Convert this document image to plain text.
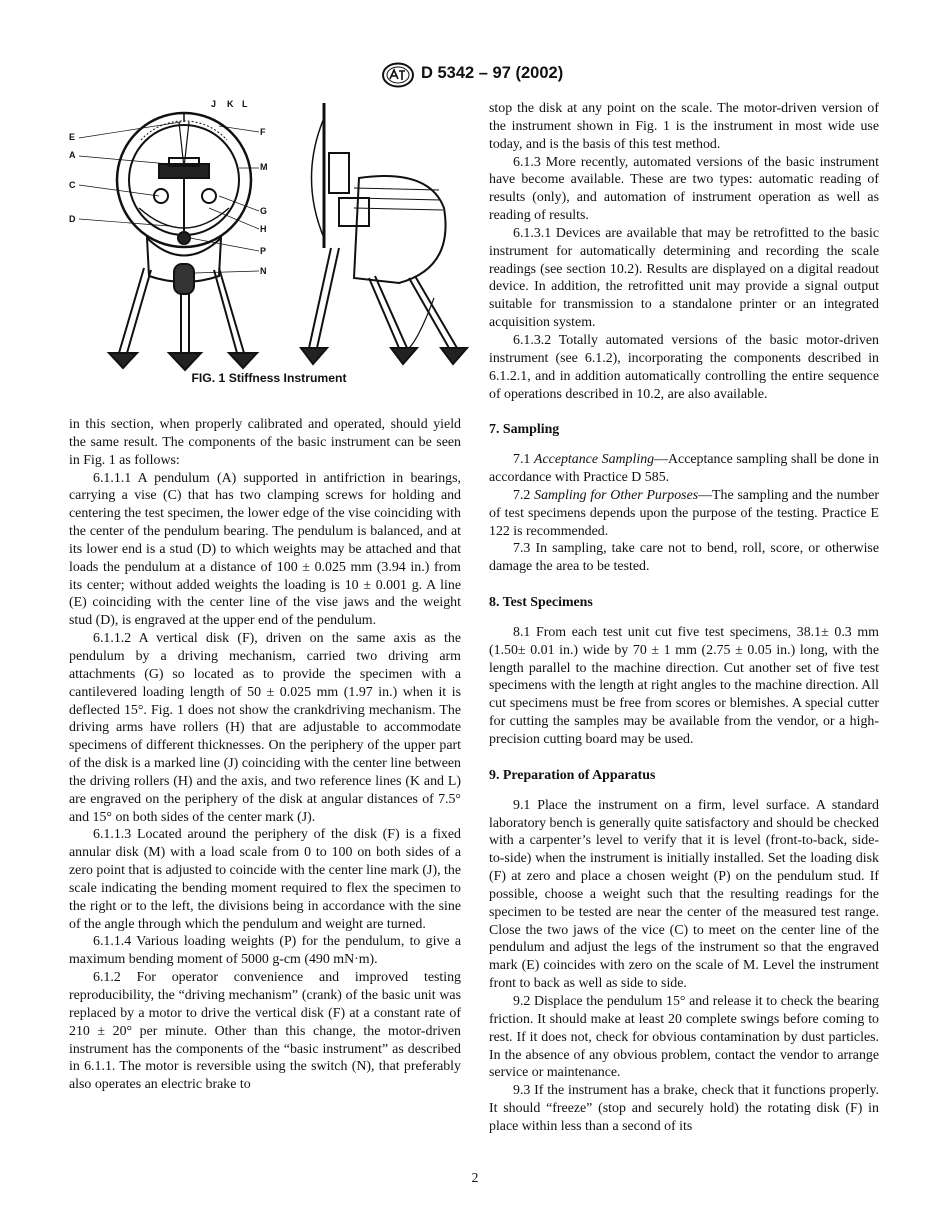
D 5342 – 97 (2002)
J K L
E
A
C
D
F
M
G
H
P
N
FIG. 1 Stiffness Instrument

in this section, when properly calibrated and operated, should yield the same result. The components of the basic instrument can be seen in Fig. 1 as follows:

6.1.1.1 A pendulum (A) supported in antifriction in bearings, carrying a vise (C) that has two clamping screws for holding and centering the test specimen, the lower edge of the vise coinciding with the center of the pendulum bearing. The pendulum is balanced, and at its lower end is a stud (D) to which weights may be attached and that loads the pendulum at a distance of 100 ± 0.025 mm (3.94 in.) from its center; without added weights the loading is 10 ± 0.001 g. A line (E) coinciding with the center line of the vise jaws and the weight stud (D), is engraved at the upper end of the pendulum.

6.1.1.2 A vertical disk (F), driven on the same axis as the pendulum by a driving mechanism, carried two driving arm attachments (G) so located as to provide the specimen with a cantilevered loading length of 50 ± 0.025 mm (1.97 in.) when it is deflected 15°. Fig. 1 does not show the crankdriving mechanism. The driving arms have rollers (H) that are adjustable to accommodate specimens of different thicknesses. On the periphery of the upper part of the disk is a marked line (J) coinciding with the center line between the driving rollers (H) and the axis, and two reference lines (K and L) are engraved on the periphery of the disk at angular distances of 7.5° and 15° on both sides of the center mark (J).

6.1.1.3 Located around the periphery of the disk (F) is a fixed annular disk (M) with a load scale from 0 to 100 on both sides of a zero point that is adjusted to coincide with the center line mark (J), the scale indicating the bending moment required to flex the specimen to the right or to the left, the divisions being in accordance with the sine of the angle through which the pendulum and weight are turned.

6.1.1.4 Various loading weights (P) for the pendulum, to give a maximum bending moment of 5000 g-cm (490 mN·m).

6.1.2 For operator convenience and improved testing reproducibility, the “driving mechanism” (crank) of the basic unit was replaced by a motor to drive the vertical disk (F) at a constant rate of 210 ± 20° per minute. Other than this change, the motor-driven instrument has the components of the “basic instrument” as described in 6.1.1. The motor is reversible using the switch (N), that preferably also operates an electric brake to

stop the disk at any point on the scale. The motor-driven version of the instrument shown in Fig. 1 is the instrument in most wide use today, and is the basis of this test method.

6.1.3 More recently, automated versions of the basic instrument have become available. These are two types: automatic reading of results (only), and automation of instrument operation as well as reading of results.

6.1.3.1 Devices are available that may be retrofitted to the basic instrument for automatically determining and recording the scale readings (see section 10.2). Results are displayed on a digital readout device. In addition, the retrofitted unit may provide a signal output suitable for transmission to a standalone printer or an integrated acquisition system.

6.1.3.2 Totally automated versions of the basic motor-driven instrument (see 6.1.2), incorporating the components described in 6.1.2.1, and in addition automatically controlling the entire sequence of operations described in 10.2, are also available.

7. Sampling

7.1 Acceptance Sampling—Acceptance sampling shall be done in accordance with Practice D 585.

7.2 Sampling for Other Purposes—The sampling and the number of test specimens depends upon the purpose of the testing. Practice E 122 is recommended.

7.3 In sampling, take care not to bend, roll, score, or otherwise damage the area to be tested.

8. Test Specimens

8.1 From each test unit cut five test specimens, 38.1± 0.3 mm (1.50± 0.01 in.) wide by 70 ± 1 mm (2.75 ± 0.05 in.) long, with the length parallel to the machine direction. Cut another set of five test specimens with the length at right angles to the machine direction. All cut specimens must be free from scores or blemishes. A special cutter for cutting the samples may be available from the vendor, or a high-precision cutting board may be used.

9. Preparation of Apparatus

9.1 Place the instrument on a firm, level surface. A standard laboratory bench is generally quite satisfactory and should be checked with a carpenter’s level to verify that it is level (front-to-back, side-to-side) when the instrument is initially installed. Set the loading disk (F) at zero and place a chosen weight (P) on the pendulum stud. If possible, choose a weight such that the resulting readings for the specimen to be tested are near the center of the measured test range. Close the two jaws of the vice (C) to meet on the center line of the pendulum and adjust the legs of the instrument so that the engraved mark (E) coincides with zero on the scale of M. Level the instrument front to back as well as side to side.

9.2 Displace the pendulum 15° and release it to check the bearing friction. It should make at least 20 complete swings before coming to rest. If it does not, check for obvious contamination by dust particles. In the absence of any obvious problem, contact the vendor to arrange service or maintenance.

9.3 If the instrument has a brake, check that it functions properly. It should “freeze” (stop and securely hold) the rotating disk (F) in place within less than a second of its

2
